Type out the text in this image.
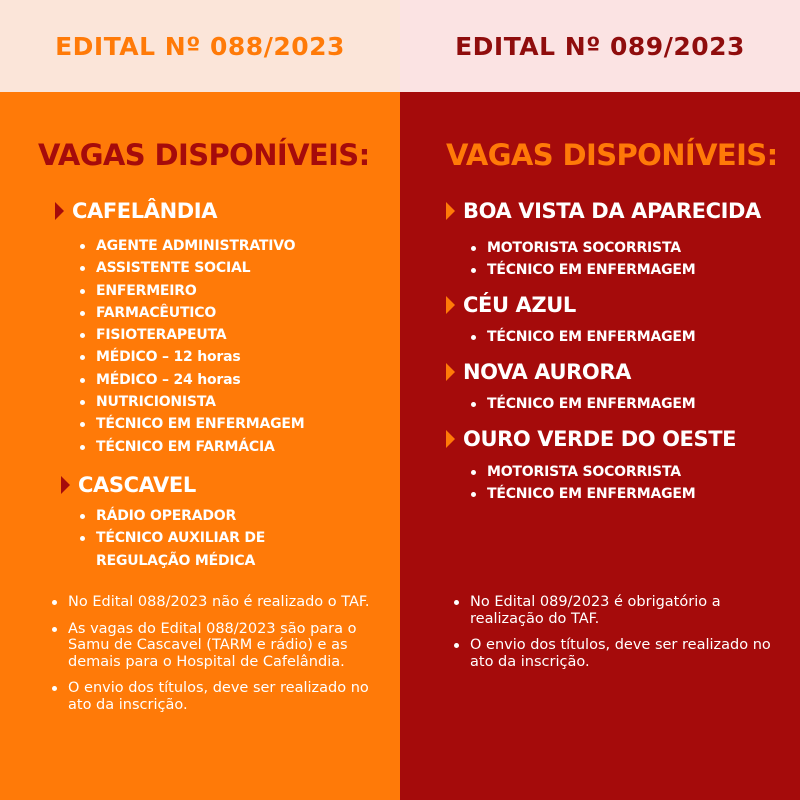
EDITAL Nº 088/2023
VAGAS DISPONÍVEIS:
CAFELÂNDIA
AGENTE ADMINISTRATIVO
ASSISTENTE SOCIAL
ENFERMEIRO
FARMACÊUTICO
FISIOTERAPEUTA
MÉDICO – 12 horas
MÉDICO – 24 horas
NUTRICIONISTA
TÉCNICO EM ENFERMAGEM
TÉCNICO EM FARMÁCIA
CASCAVEL
RÁDIO OPERADOR
TÉCNICO AUXILIAR DE REGULAÇÃO MÉDICA
No Edital 088/2023 não é realizado o TAF.
As vagas do Edital 088/2023 são para o Samu de Cascavel (TARM e rádio) e as demais para o Hospital de Cafelândia.
O envio dos títulos, deve ser realizado no ato da inscrição.
EDITAL Nº 089/2023
VAGAS DISPONÍVEIS:
BOA VISTA DA APARECIDA
MOTORISTA SOCORRISTA
TÉCNICO EM ENFERMAGEM
CÉU AZUL
TÉCNICO EM ENFERMAGEM
NOVA AURORA
TÉCNICO EM ENFERMAGEM
OURO VERDE DO OESTE
MOTORISTA SOCORRISTA
TÉCNICO EM ENFERMAGEM
No Edital 089/2023 é obrigatório a realização do TAF.
O envio dos títulos, deve ser realizado no ato da inscrição.
